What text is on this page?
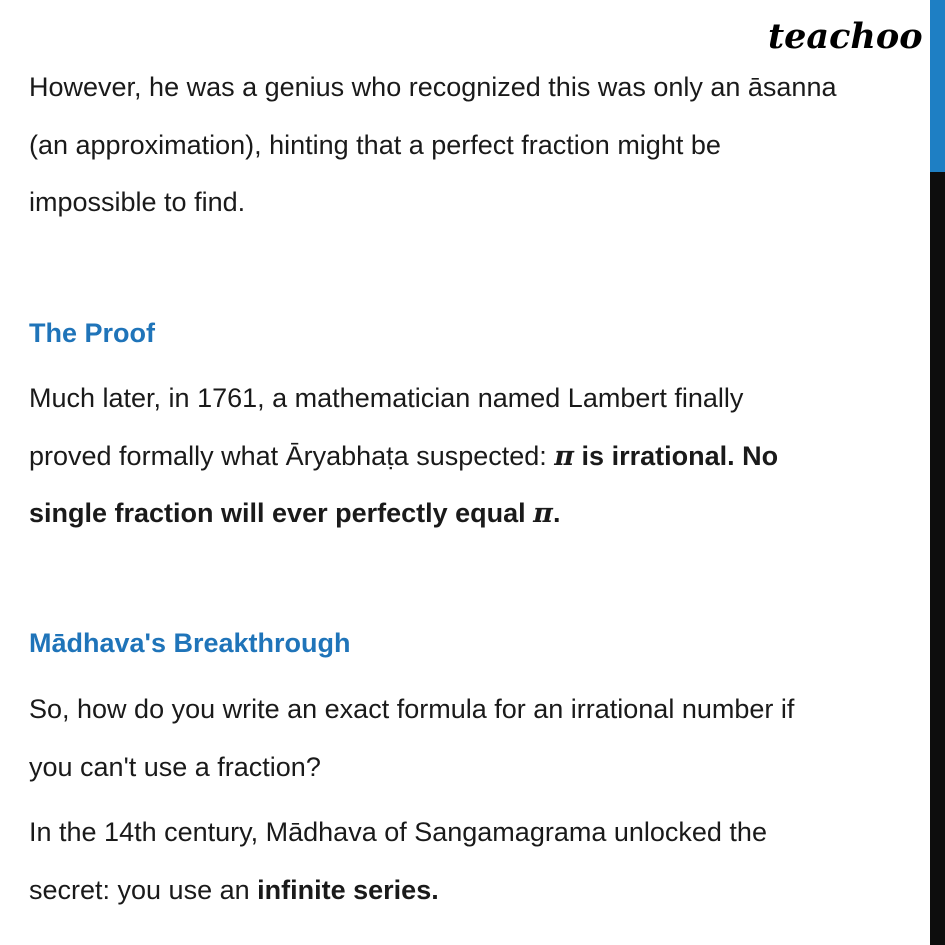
teachoo
However, he was a genius who recognized this was only an āsanna
(an approximation), hinting that a perfect fraction might be
impossible to find.
The Proof
Much later, in 1761, a mathematician named Lambert finally
proved formally what Āryabhaṭa suspected: π is irrational. No
single fraction will ever perfectly equal π.
Mādhava's Breakthrough
So, how do you write an exact formula for an irrational number if
you can't use a fraction?
In the 14th century, Mādhava of Sangamagrama unlocked the
secret: you use an infinite series.
